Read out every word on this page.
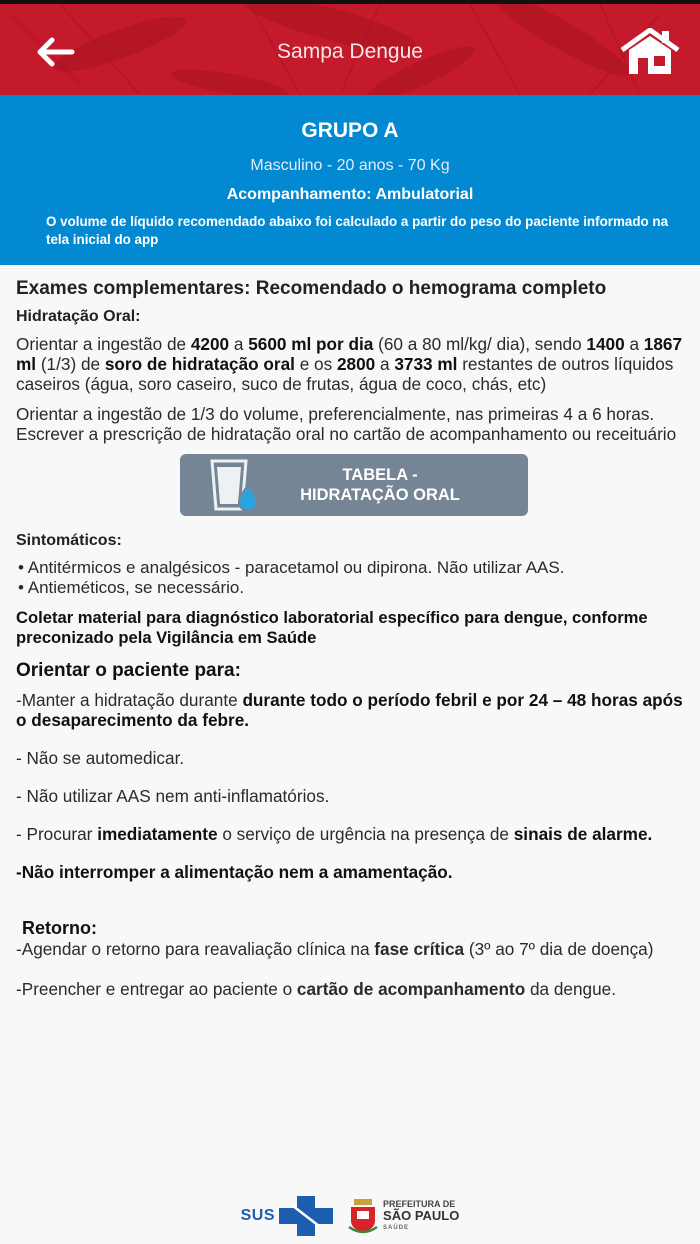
Sampa Dengue
GRUPO A
Masculino - 20 anos - 70 Kg
Acompanhamento: Ambulatorial
O volume de líquido recomendado abaixo foi calculado a partir do peso do paciente informado na tela inicial do app
Exames complementares: Recomendado o hemograma completo
Hidratação Oral:

Orientar a ingestão de 4200 a 5600 ml por dia (60 a 80 ml/kg/ dia), sendo 1400 a 1867 ml (1/3) de soro de hidratação oral e os 2800 a 3733 ml restantes de outros líquidos caseiros (água, soro caseiro, suco de frutas, água de coco, chás, etc)

Orientar a ingestão de 1/3 do volume, preferencialmente, nas primeiras 4 a 6 horas. Escrever a prescrição de hidratação oral no cartão de acompanhamento ou receituário

TABELA -
HIDRATAÇÃO ORAL
Sintomáticos:
• Antitérmicos e analgésicos - paracetamol ou dipirona. Não utilizar AAS.
• Antieméticos, se necessário.
Coletar material para diagnóstico laboratorial específico para dengue, conforme preconizado pela Vigilância em Saúde
Orientar o paciente para:
-Manter a hidratação durante durante todo o período febril e por 24 – 48 horas após o desaparecimento da febre.
- Não se automedicar.
- Não utilizar AAS nem anti-inflamatórios.
- Procurar imediatamente o serviço de urgência na presença de sinais de alarme.
-Não interromper a alimentação nem a amamentação.
Retorno:
-Agendar o retorno para reavaliação clínica na fase crítica (3º ao 7º dia de doença)
-Preencher e entregar ao paciente o cartão de acompanhamento da dengue.
SUS
PREFEITURA DE
SÃO PAULO
SAÚDE
